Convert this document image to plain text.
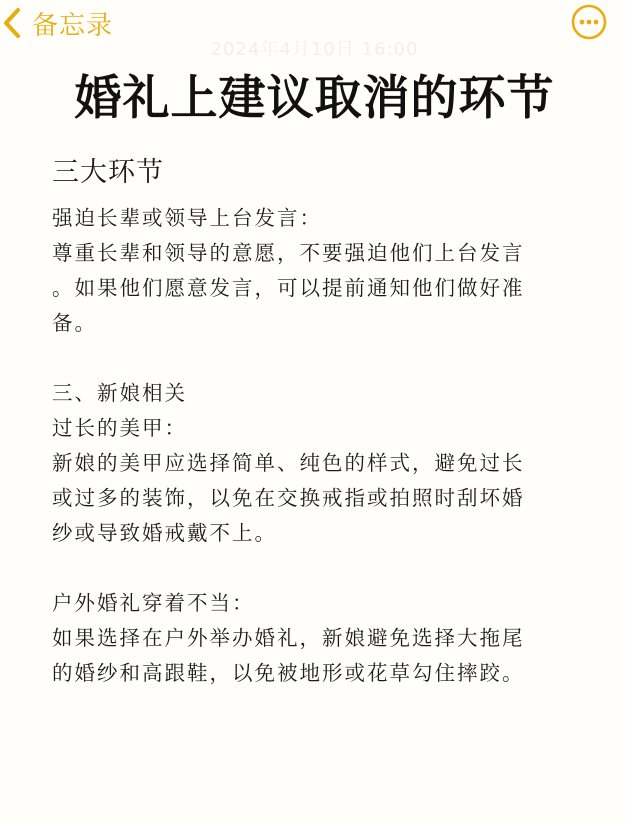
备忘录
2024年4月10日 16:00
婚礼上建议取消的环节
三大环节
强迫长辈或领导上台发言：
尊重长辈和领导的意愿，不要强迫他们上台发言
。如果他们愿意发言，可以提前通知他们做好准
备。
三、新娘相关
过长的美甲：
新娘的美甲应选择简单、纯色的样式，避免过长
或过多的装饰，以免在交换戒指或拍照时刮坏婚
纱或导致婚戒戴不上。
户外婚礼穿着不当：
如果选择在户外举办婚礼，新娘避免选择大拖尾
的婚纱和高跟鞋，以免被地形或花草勾住摔跤。
